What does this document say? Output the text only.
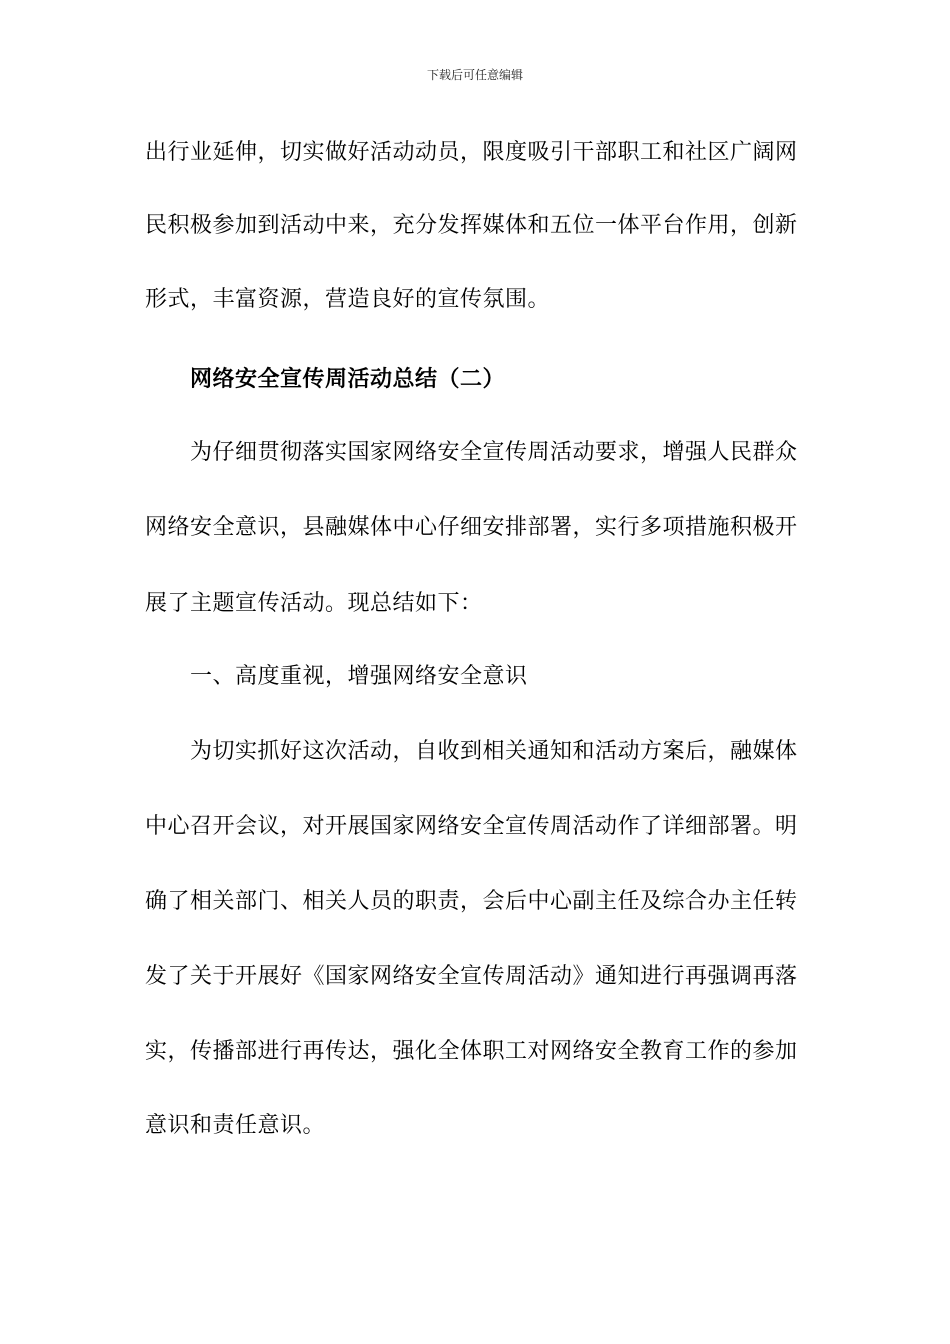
下载后可任意编辑
出行业延伸，切实做好活动动员，限度吸引干部职工和社区广阔网
民积极参加到活动中来，充分发挥媒体和五位一体平台作用，创新
形式，丰富资源，营造良好的宣传氛围。
网络安全宣传周活动总结（二）
为仔细贯彻落实国家网络安全宣传周活动要求，增强人民群众
网络安全意识，县融媒体中心仔细安排部署，实行多项措施积极开
展了主题宣传活动。现总结如下：
一、高度重视，增强网络安全意识
为切实抓好这次活动，自收到相关通知和活动方案后，融媒体
中心召开会议，对开展国家网络安全宣传周活动作了详细部署。明
确了相关部门、相关人员的职责，会后中心副主任及综合办主任转
发了关于开展好《国家网络安全宣传周活动》通知进行再强调再落
实，传播部进行再传达，强化全体职工对网络安全教育工作的参加
意识和责任意识。
